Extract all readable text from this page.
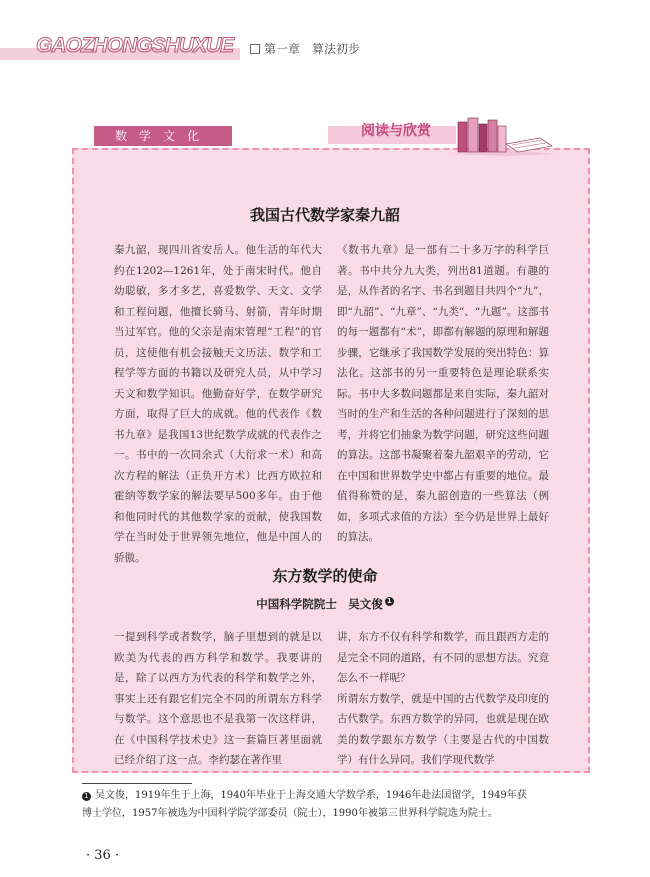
GAOZHONGSHUXUE	第一章 算法初步
数学文化	阅读与欣赏
我国古代数学家秦九韶
秦九韶，现四川省安岳人。他生活的年代大约在1202—1261年，处于南宋时代。他自幼聪敏，多才多艺，喜爱数学、天文、文学和工程问题，他擅长骑马、射箭，青年时期当过军官。他的父亲是南宋管理“工程”的官员，这使他有机会接触天文历法、数学和工程学等方面的书籍以及研究人员，从中学习天文和数学知识。他勤奋好学，在数学研究方面，取得了巨大的成就。他的代表作《数书九章》是我国13世纪数学成就的代表作之一。书中的一次同余式（大衍求一术）和高次方程的解法（正负开方术）比西方欧拉和霍纳等数学家的解法要早500多年。由于他和他同时代的其他数学家的贡献，使我国数学在当时处于世界领先地位，他是中国人的骄傲。
《数书九章》是一部有二十多万字的科学巨著。书中共分九大类，列出81道题。有趣的是，从作者的名字、书名到题目共四个“九”，即“九韶”、“九章”、“九类”、“九题”。这部书的每一题都有“术”，即都有解题的原理和解题步骤，它继承了我国数学发展的突出特色：算法化。这部书的另一重要特色是理论联系实际。书中大多数问题都是来自实际，秦九韶对当时的生产和生活的各种问题进行了深刻的思考，并将它们抽象为数学问题，研究这些问题的算法。这部书凝聚着秦九韶艰辛的劳动，它在中国和世界数学史中都占有重要的地位。最值得称赞的是，秦九韶创造的一些算法（例如，多项式求值的方法）至今仍是世界上最好的算法。
东方数学的使命
中国科学院院士　吴文俊 1
一提到科学或者数学，脑子里想到的就是以欧美为代表的西方科学和数学。我要讲的是，除了以西方为代表的科学和数学之外，事实上还有跟它们完全不同的所谓东方科学与数学。这个意思也不是我第一次这样讲，在《中国科学技术史》这一套篇巨著里面就已经介绍了这一点。李约瑟在著作里
讲，东方不仅有科学和数学，而且跟西方走的是完全不同的道路，有不同的思想方法。究竟怎么不一样呢？
所谓东方数学，就是中国的古代数学及印度的古代数学。东西方数学的异同，也就是现在欧美的数学跟东方数学（主要是古代的中国数学）有什么异同。我们学现代数学
1 吴文俊，1919年生于上海，1940年毕业于上海交通大学数学系，1946年赴法国留学，1949年获博士学位，1957年被选为中国科学院学部委员（院士），1990年被第三世界科学院选为院士。
· 36 ·
